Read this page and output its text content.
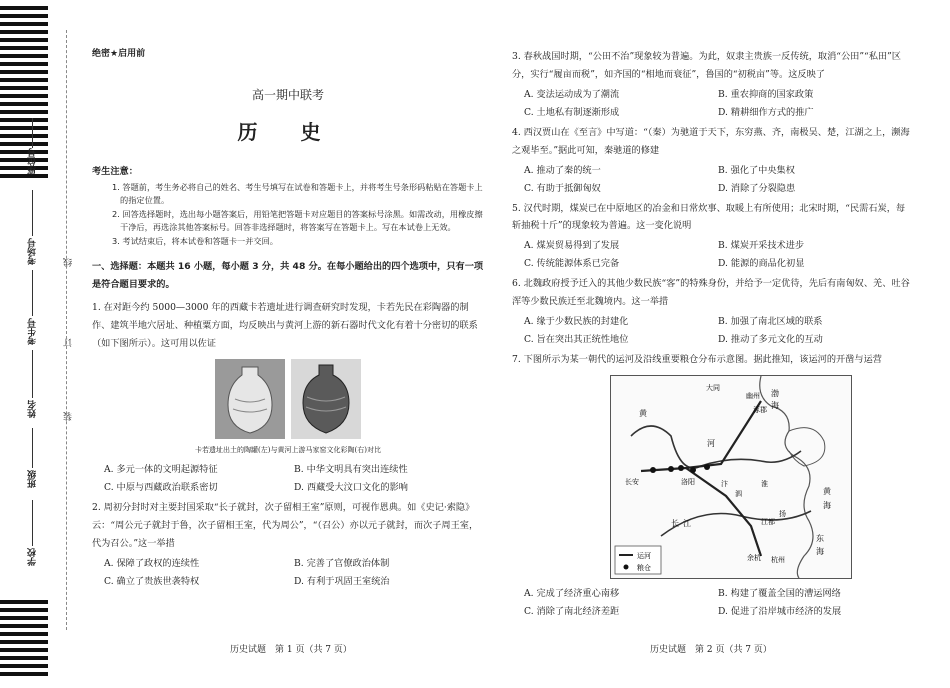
座位号
考场号
考生号
姓名
班级
学校
线
订
装
绝密★启用前
高一期中联考
历 史
考生注意：

1. 答题前，考生务必将自己的姓名、考生号填写在试卷和答题卡上，并将考生号条形码粘贴在答题卡上的指定位置。

2. 回答选择题时，选出每小题答案后，用铅笔把答题卡对应题目的答案标号涂黑。如需改动，用橡皮擦干净后，再选涂其他答案标号。回答非选择题时，将答案写在答题卡上。写在本试卷上无效。

3. 考试结束后，将本试卷和答题卡一并交回。

一、选择题：本题共 16 小题，每小题 3 分，共 48 分。在每小题给出的四个选项中，只有一项是符合题目要求的。
1. 在对距今约 5000—3000 年的西藏卡若遗址进行调查研究时发现，卡若先民在彩陶器的制作、建筑半地穴居址、种植粟方面，均反映出与黄河上游的新石器时代文化有着十分密切的联系（如下图所示）。这可用以佐证
卡若遗址出土的陶罐(左)与黄河上游马家窑文化彩陶(右)对比
A. 多元一体的文明起源特征	B. 中华文明具有突出连续性
C. 中原与西藏政治联系密切	D. 西藏受大汶口文化的影响
2. 周初分封时对主要封国采取“长子就封，次子留相王室”原则，可视作恩典。如《史记·索隐》云：“周公元子就封于鲁，次子留相王室，代为周公”，“（召公）亦以元子就封，而次子周王室，代为召公。”这一举措
A. 保障了政权的连续性	B. 完善了官僚政治体制
C. 确立了贵族世袭特权	D. 有利于巩固王室统治
历史试题　第 1 页（共 7 页）
3. 春秋战国时期，“公田不治”现象较为普遍。为此，奴隶主贵族一反传统，取消“公田”“私田”区分，实行“履亩而税”，如齐国的“相地而衰征”，鲁国的“初税亩”等。这反映了
A. 变法运动成为了潮流	B. 重农抑商的国家政策
C. 土地私有制逐渐形成	D. 精耕细作方式的推广
4. 西汉贾山在《至言》中写道：“（秦）为驰道于天下，东穷燕、齐，南极吴、楚，江湖之上，濒海之观毕至。”据此可知，秦驰道的修建
A. 推动了秦的统一	B. 强化了中央集权
C. 有助于抵御匈奴	D. 消除了分裂隐患
5. 汉代时期，煤炭已在中原地区的冶金和日常炊事、取暖上有所使用；北宋时期，“民需石炭，每斩抽税十斤”的现象较为普遍。这一变化说明
A. 煤炭贸易得到了发展	B. 煤炭开采技术进步
C. 传统能源体系已完备	D. 能源的商品化初显
6. 北魏政府授予迁入的其他少数民族“客”的特殊身份，并给予一定优待，先后有南匈奴、羌、吐谷浑等少数民族迁至北魏境内。这一举措
A. 缘于少数民族的封建化	B. 加强了南北区域的联系
C. 旨在突出其正统性地位	D. 推动了多元文化的互动
7. 下图所示为某一朝代的运河及沿线重要粮仓分布示意图。据此推知，该运河的开凿与运营
黄
河
渤
海
大同
幽州
涿郡
黄
海
洛阳
长安	汴
泗
淮
江都
杭州
余杭
扬
长 江
东
海
运河
粮仓
A. 完成了经济重心南移	B. 构建了覆盖全国的漕运网络
C. 消除了南北经济差距	D. 促进了沿岸城市经济的发展
历史试题　第 2 页（共 7 页）
